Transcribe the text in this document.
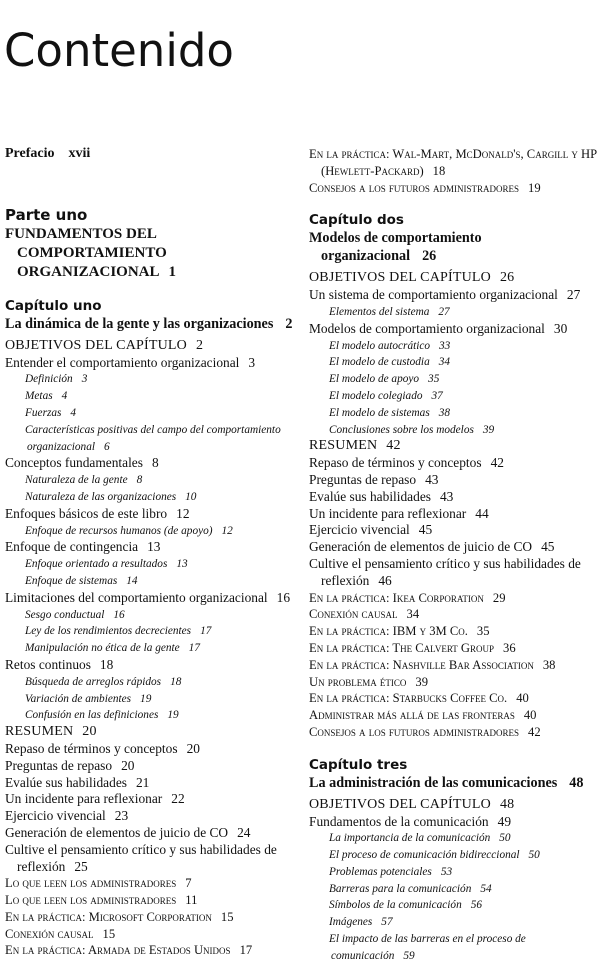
Contenido
Prefacio xvii
Parte uno
FUNDAMENTOS DEL COMPORTAMIENTO ORGANIZACIONAL 1
Capítulo uno
La dinámica de la gente y las organizaciones 2
OBJETIVOS DEL CAPÍTULO 2
Entender el comportamiento organizacional 3
Definición 3
Metas 4
Fuerzas 4
Características positivas del campo del comportamiento organizacional 6
Conceptos fundamentales 8
Naturaleza de la gente 8
Naturaleza de las organizaciones 10
Enfoques básicos de este libro 12
Enfoque de recursos humanos (de apoyo) 12
Enfoque de contingencia 13
Enfoque orientado a resultados 13
Enfoque de sistemas 14
Limitaciones del comportamiento organizacional 16
Sesgo conductual 16
Ley de los rendimientos decrecientes 17
Manipulación no ética de la gente 17
Retos continuos 18
Búsqueda de arreglos rápidos 18
Variación de ambientes 19
Confusión en las definiciones 19
RESUMEN 20
Repaso de términos y conceptos 20
Preguntas de repaso 20
Evalúe sus habilidades 21
Un incidente para reflexionar 22
Ejercicio vivencial 23
Generación de elementos de juicio de CO 24
Cultive el pensamiento crítico y sus habilidades de reflexión 25
Lo que leen los administradores 7
Lo que leen los administradores 11
En la práctica: Microsoft Corporation 15
Conexión causal 15
En la práctica: Armada de Estados Unidos 17
En la práctica: Wal-Mart, McDonald's, Cargill y HP (Hewlett-Packard) 18
Consejos a los futuros administradores 19
Capítulo dos
Modelos de comportamiento organizacional 26
OBJETIVOS DEL CAPÍTULO 26
Un sistema de comportamiento organizacional 27
Elementos del sistema 27
Modelos de comportamiento organizacional 30
El modelo autocrático 33
El modelo de custodia 34
El modelo de apoyo 35
El modelo colegiado 37
El modelo de sistemas 38
Conclusiones sobre los modelos 39
RESUMEN 42
Repaso de términos y conceptos 42
Preguntas de repaso 43
Evalúe sus habilidades 43
Un incidente para reflexionar 44
Ejercicio vivencial 45
Generación de elementos de juicio de CO 45
Cultive el pensamiento crítico y sus habilidades de reflexión 46
En la práctica: Ikea Corporation 29
Conexión causal 34
En la práctica: IBM y 3M Co. 35
En la práctica: The Calvert Group 36
En la práctica: Nashville Bar Association 38
Un problema ético 39
En la práctica: Starbucks Coffee Co. 40
Administrar más allá de las fronteras 40
Consejos a los futuros administradores 42
Capítulo tres
La administración de las comunicaciones 48
OBJETIVOS DEL CAPÍTULO 48
Fundamentos de la comunicación 49
La importancia de la comunicación 50
El proceso de comunicación bidireccional 50
Problemas potenciales 53
Barreras para la comunicación 54
Símbolos de la comunicación 56
Imágenes 57
El impacto de las barreras en el proceso de comunicación 59
